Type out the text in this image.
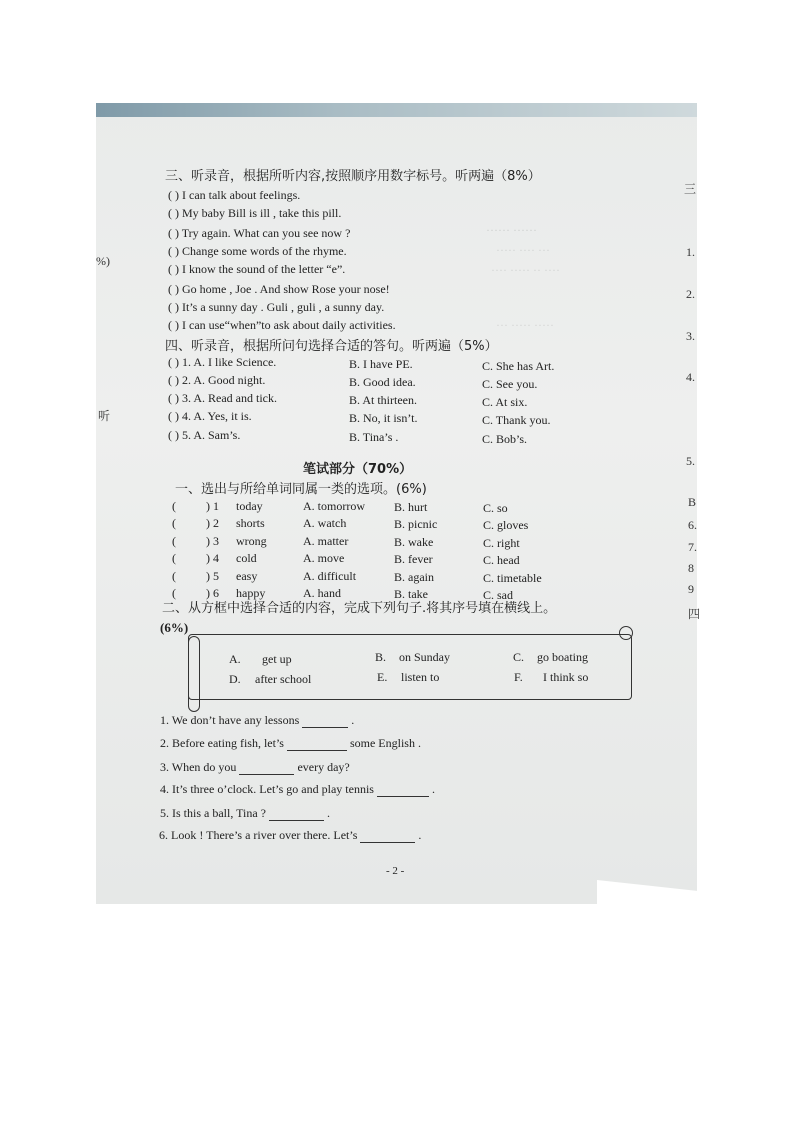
······ ······
····· ···· ···
···· ····· ·· ····
··· ····· ·····
%)
听
三
1.
2.
3.
4.
5.
B
6.
7.
8
9
四
三、听录音，根据所听内容,按照顺序用数字标号。听两遍（8%）
( ) I can talk about feelings.
( ) My baby Bill is ill , take this pill.
( ) Try again. What can you see now ?
( ) Change some words of the rhyme.
( ) I know the sound of the letter “e”.
( ) Go home , Joe . And show Rose your nose!
( ) It’s a sunny day . Guli , guli , a sunny day.
( ) I can use“when”to ask about daily activities.
四、听录音，根据所问句选择合适的答句。听两遍（5%）
( ) 1. A. I like Science.	B. I have PE.	C. She has Art.
( ) 2. A. Good night.	B. Good idea.	C. See you.
( ) 3. A. Read and tick.	B. At thirteen.	C. At six.
( ) 4. A. Yes, it is.	B. No, it isn’t.	C. Thank you.
( ) 5. A. Sam’s.	B. Tina’s .	C. Bob’s.
笔试部分（70%）
一、选出与所给单词同属一类的选项。(6%)
(	) 1 today	A. tomorrow B. hurt	C. so
(	) 2 shorts	A. watch	B. picnic	C. gloves
(	) 3 wrong	A. matter	B. wake	C. right
(	) 4 cold	A. move	B. fever	C. head
(	) 5 easy	A. difficult	B. again	C. timetable
(	) 6 happy	A. hand	B. take	C. sad
二、从方框中选择合适的内容，完成下列句子.将其序号填在横线上。
(6%)
A. get up	B. on Sunday	C. go boating
D. after school	E. listen to	F. I think so
1. We don’t have any lessons	.
2. Before eating fish, let’s	some English .
3. When do you	every day?
4. It’s three o’clock. Let’s go and play tennis	.
5. Is this a ball, Tina ?	.
6. Look ! There’s a river over there. Let’s	.
- 2 -
